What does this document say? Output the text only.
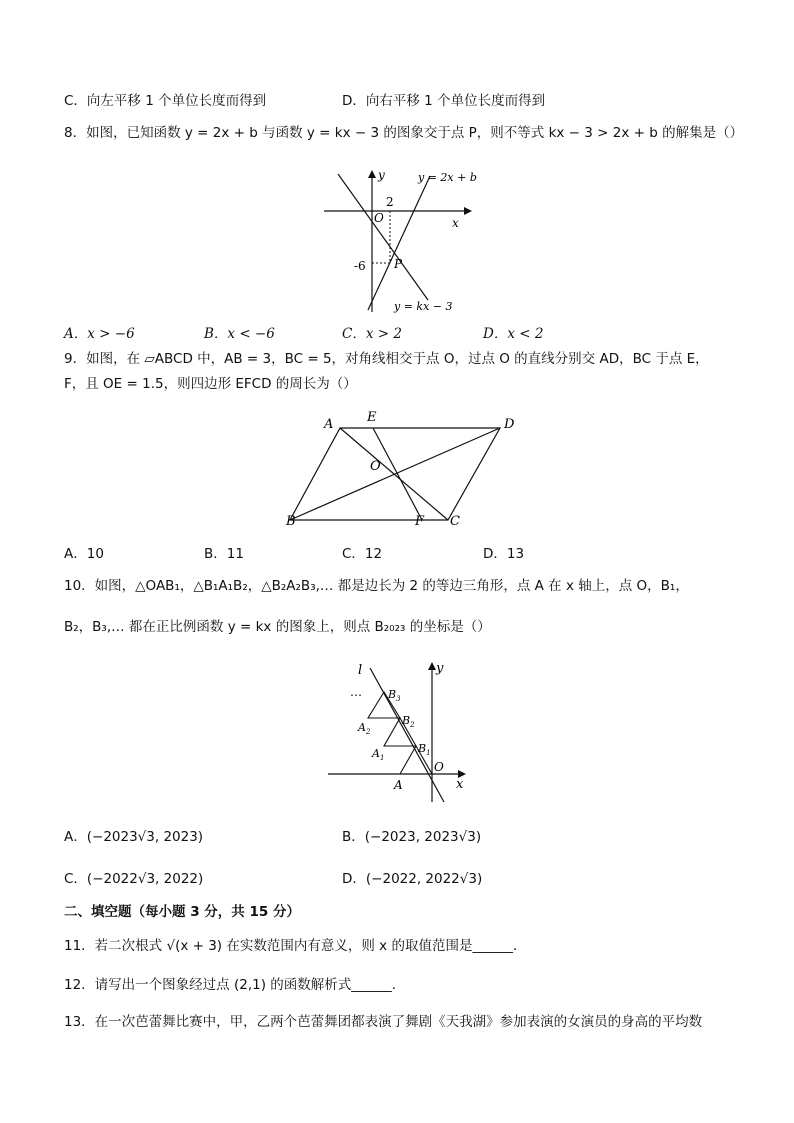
C．向左平移 1 个单位长度而得到	D．向右平移 1 个单位长度而得到
8．如图，已知函数 y = 2x + b 与函数 y = kx − 3 的图象交于点 P，则不等式 kx − 3 > 2x + b 的解集是（）
y
x
y = 2x + b
y = kx − 3
O
2
-6 P
A．x > −6	B．x < −6	C．x > 2	D．x < 2
9．如图，在 ▱ABCD 中，AB = 3，BC = 5，对角线相交于点 O，过点 O 的直线分别交 AD，BC 于点 E，
F，且 OE = 1.5，则四边形 EFCD 的周长为（）
A	E	D
O
B	F C
A．10	B．11	C．12	D．13
10．如图，△OAB₁，△B₁A₁B₂，△B₂A₂B₃,… 都是边长为 2 的等边三角形，点 A 在 x 轴上，点 O，B₁，
B₂，B₃,… 都在正比例函数 y = kx 的图象上，则点 B₂₀₂₃ 的坐标是（）
l
…
y
x
O
A
$A_1$
$A_2$
$B_1$
$B_2$
$B_3$
A．(−2023√3, 2023)	B．(−2023, 2023√3)
C．(−2022√3, 2022)	D．(−2022, 2022√3)
二、填空题（每小题 3 分，共 15 分）
11．若二次根式 √(x + 3) 在实数范围内有意义，则 x 的取值范围是______．
12．请写出一个图象经过点 (2,1) 的函数解析式______．
13．在一次芭蕾舞比赛中，甲，乙两个芭蕾舞团都表演了舞剧《天我湖》参加表演的女演员的身高的平均数
